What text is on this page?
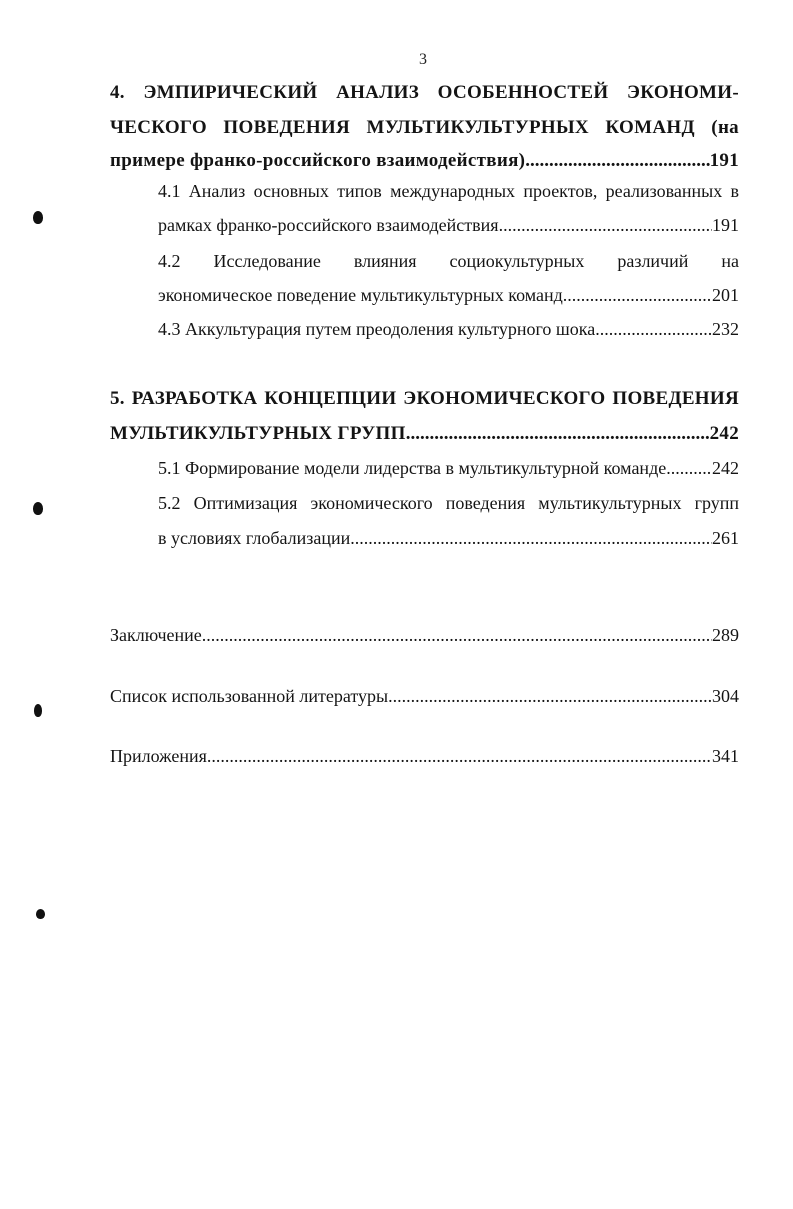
3
4. ЭМПИРИЧЕСКИЙ АНАЛИЗ ОСОБЕННОСТЕЙ ЭКОНОМИ-
ЧЕСКОГО ПОВЕДЕНИЯ МУЛЬТИКУЛЬТУРНЫХ КОМАНД (на
примере франко-российского взаимодействия) .....	191
4.1 Анализ основных типов международных проектов, реализованных в
рамках франко-российского взаимодействия .....	191
4.2 Исследование влияния социокультурных различий на
экономическое поведение мультикультурных команд .....	201
4.3 Аккультурация путем преодоления культурного шока .....	232
5. РАЗРАБОТКА КОНЦЕПЦИИ ЭКОНОМИЧЕСКОГО ПОВЕДЕНИЯ
МУЛЬТИКУЛЬТУРНЫХ ГРУПП .....	242
5.1 Формирование модели лидерства в мультикультурной команде .....	242
5.2 Оптимизация экономического поведения мультикультурных групп
в условиях глобализации .....	261
Заключение .....	289
Список использованной литературы .....	304
Приложения .....	341
